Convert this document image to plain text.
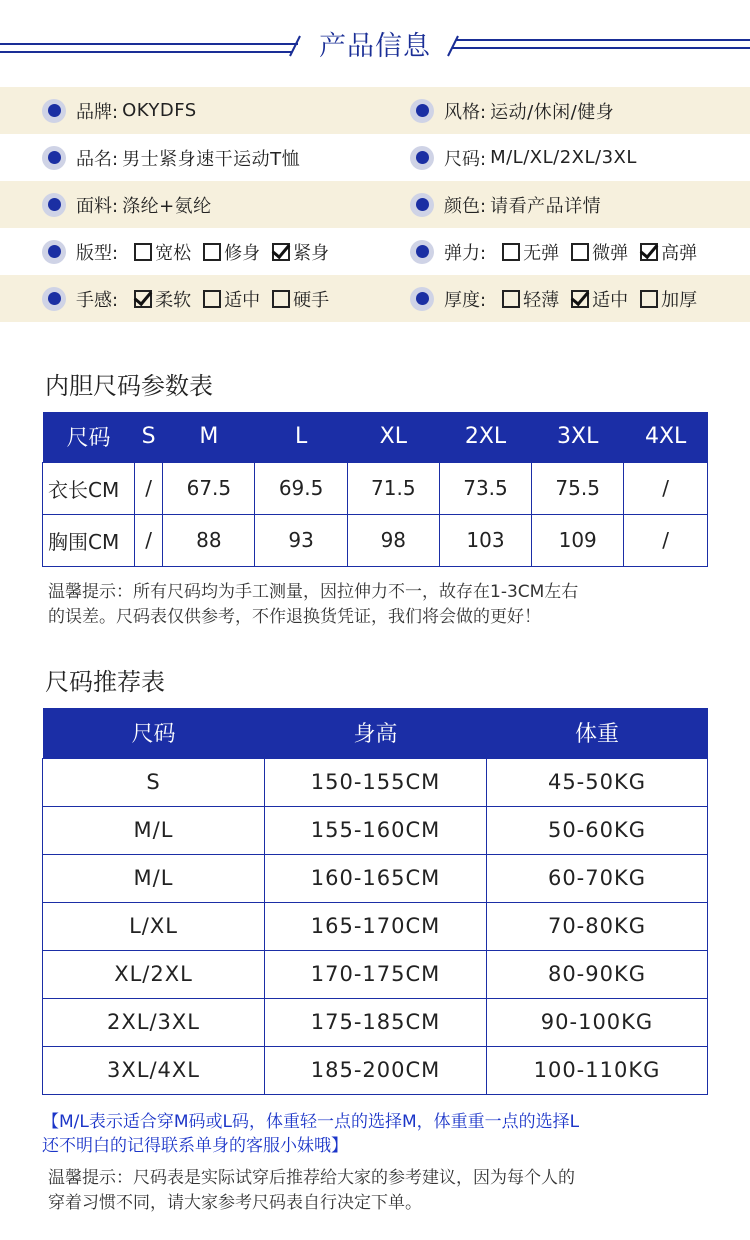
产品信息
品牌: OKYDFS	风格: 运动/休闲/健身
品名: 男士紧身速干运动T恤	尺码: M/L/XL/2XL/3XL
面料: 涤纶+氨纶	颜色: 请看产品详情
版型: 宽松 修身 紧身	弹力: 无弹 微弹 高弹
手感: 柔软 适中 硬手	厚度: 轻薄 适中 加厚
内胆尺码参数表
尺码	S	M	L	XL	2XL	3XL	4XL
衣长CM	/	67.5	69.5	71.5	73.5	75.5	/
胸围CM	/	88	93	98	103	109	/
温馨提示：所有尺码均为手工测量，因拉伸力不一，故存在1-3CM左右
的误差。尺码表仅供参考，不作退换货凭证，我们将会做的更好！
尺码推荐表
尺码	身高	体重
S	150-155CM	45-50KG
M/L	155-160CM	50-60KG
M/L	160-165CM	60-70KG
L/XL	165-170CM	70-80KG
XL/2XL	170-175CM	80-90KG
2XL/3XL	175-185CM	90-100KG
3XL/4XL	185-200CM	100-110KG
【M/L表示适合穿M码或L码，体重轻一点的选择M，体重重一点的选择L
还不明白的记得联系单身的客服小妹哦】
温馨提示：尺码表是实际试穿后推荐给大家的参考建议，因为每个人的
穿着习惯不同，请大家参考尺码表自行决定下单。
